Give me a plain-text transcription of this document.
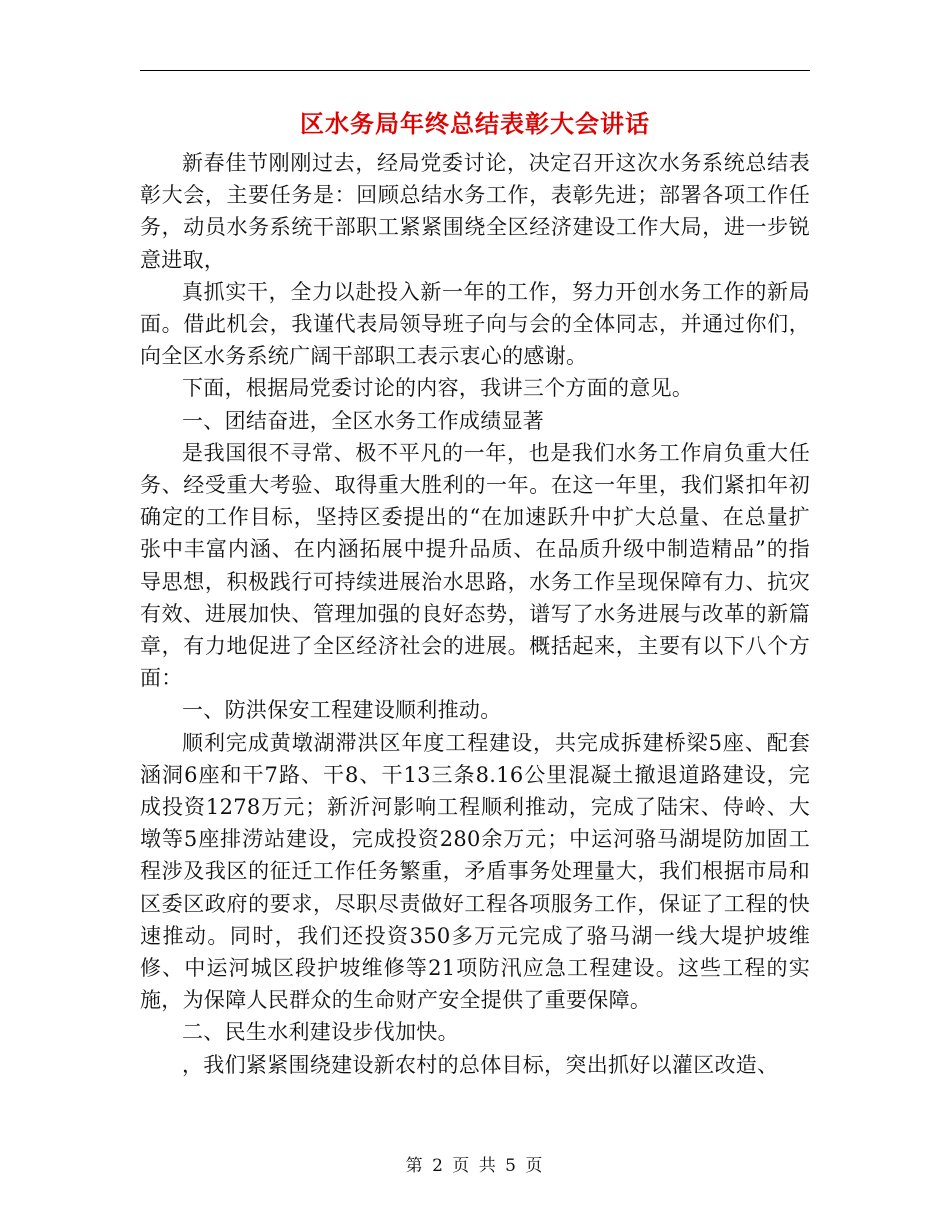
区水务局年终总结表彰大会讲话

新春佳节刚刚过去，经局党委讨论，决定召开这次水务系统总结表彰大会，主要任务是：回顾总结水务工作，表彰先进；部署各项工作任务，动员水务系统干部职工紧紧围绕全区经济建设工作大局，进一步锐意进取，

真抓实干，全力以赴投入新一年的工作，努力开创水务工作的新局面。借此机会，我谨代表局领导班子向与会的全体同志，并通过你们，向全区水务系统广阔干部职工表示衷心的感谢。

下面，根据局党委讨论的内容，我讲三个方面的意见。

一、团结奋进，全区水务工作成绩显著

是我国很不寻常、极不平凡的一年，也是我们水务工作肩负重大任务、经受重大考验、取得重大胜利的一年。在这一年里，我们紧扣年初确定的工作目标，坚持区委提出的“在加速跃升中扩大总量、在总量扩张中丰富内涵、在内涵拓展中提升品质、在品质升级中制造精品”的指导思想，积极践行可持续进展治水思路，水务工作呈现保障有力、抗灾有效、进展加快、管理加强的良好态势，谱写了水务进展与改革的新篇章，有力地促进了全区经济社会的进展。概括起来，主要有以下八个方面：

一、防洪保安工程建设顺利推动。

顺利完成黄墩湖滞洪区年度工程建设，共完成拆建桥梁5座、配套涵洞6座和干7路、干8、干13三条8.16公里混凝土撤退道路建设，完成投资1278万元；新沂河影响工程顺利推动，完成了陆宋、侍岭、大墩等5座排涝站建设，完成投资280余万元；中运河骆马湖堤防加固工程涉及我区的征迁工作任务繁重，矛盾事务处理量大，我们根据市局和区委区政府的要求，尽职尽责做好工程各项服务工作，保证了工程的快速推动。同时，我们还投资350多万元完成了骆马湖一线大堤护坡维修、中运河城区段护坡维修等21项防汛应急工程建设。这些工程的实施，为保障人民群众的生命财产安全提供了重要保障。

二、民生水利建设步伐加快。

，我们紧紧围绕建设新农村的总体目标，突出抓好以灌区改造、

第 2 页 共 5 页
